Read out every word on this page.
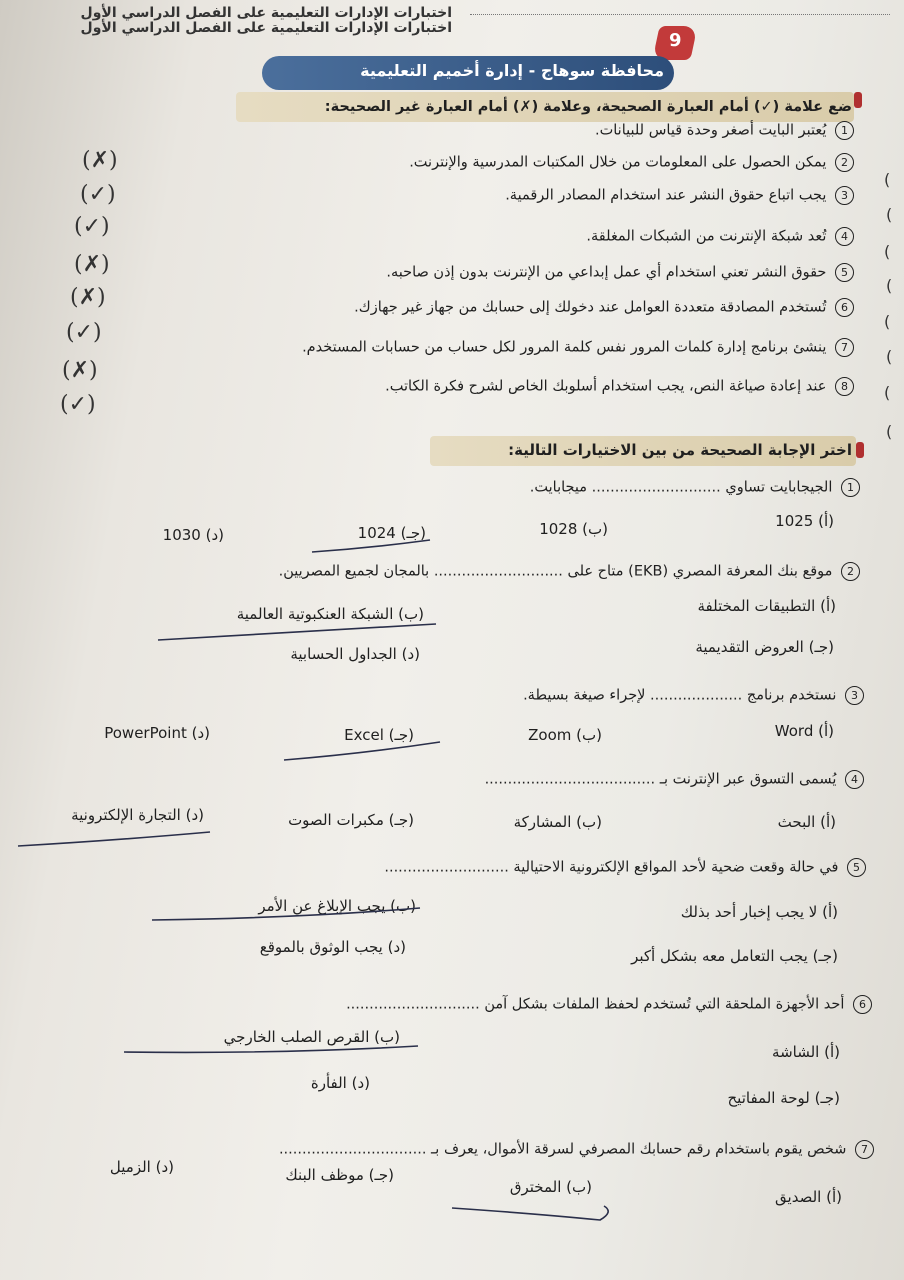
اختبارات الإدارات التعليمية على الفصل الدراسي الأول
اختبارات الإدارات التعليمية على الفصل الدراسي الأول
9
محافظة سوهاج - إدارة أخميم التعليمية
ضع علامة (✓) أمام العبارة الصحيحة، وعلامة (✗) أمام العبارة غير الصحيحة:
1 يُعتبر البايت أصغر وحدة قياس للبيانات.
2 يمكن الحصول على المعلومات من خلال المكتبات المدرسية والإنترنت.
3 يجب اتباع حقوق النشر عند استخدام المصادر الرقمية.
4 تُعد شبكة الإنترنت من الشبكات المغلقة.
5 حقوق النشر تعني استخدام أي عمل إبداعي من الإنترنت بدون إذن صاحبه.
6 تُستخدم المصادقة متعددة العوامل عند دخولك إلى حسابك من جهاز غير جهازك.
7 ينشئ برنامج إدارة كلمات المرور نفس كلمة المرور لكل حساب من حسابات المستخدم.
8 عند إعادة صياغة النص، يجب استخدام أسلوبك الخاص لشرح فكرة الكاتب.
(✗)
(✓)
(✓)
(✗)
(✗)
(✓)
(✗)
(✓)
(
(
(
(
(
(
(
(
اختر الإجابة الصحيحة من بين الاختيارات التالية:
1 الجيجابايت تساوي ............................ ميجابايت.
(أ) 1025
(ب) 1028
(جـ) 1024
(د) 1030
2 موقع بنك المعرفة المصري (EKB) متاح على ............................ بالمجان لجميع المصريين.
(أ) التطبيقات المختلفة
(ب) الشبكة العنكبوتية العالمية
(جـ) العروض التقديمية
(د) الجداول الحسابية
3 نستخدم برنامج .................... لإجراء صيغة بسيطة.
(أ) Word
(ب) Zoom
(جـ) Excel
(د) PowerPoint
4 يُسمى التسوق عبر الإنترنت بـ .....................................
(أ) البحث
(ب) المشاركة
(جـ) مكبرات الصوت
(د) التجارة الإلكترونية
5 في حالة وقعت ضحية لأحد المواقع الإلكترونية الاحتيالية ...........................
(أ) لا يجب إخبار أحد بذلك
(ب) يجب الإبلاغ عن الأمر
(جـ) يجب التعامل معه بشكل أكبر
(د) يجب الوثوق بالموقع
6 أحد الأجهزة الملحقة التي تُستخدم لحفظ الملفات بشكل آمن .............................
(أ) الشاشة
(ب) القرص الصلب الخارجي
(جـ) لوحة المفاتيح
(د) الفأرة
7 شخص يقوم باستخدام رقم حسابك المصرفي لسرقة الأموال، يعرف بـ ................................
(أ) الصديق
(ب) المخترق
(جـ) موظف البنك
(د) الزميل
